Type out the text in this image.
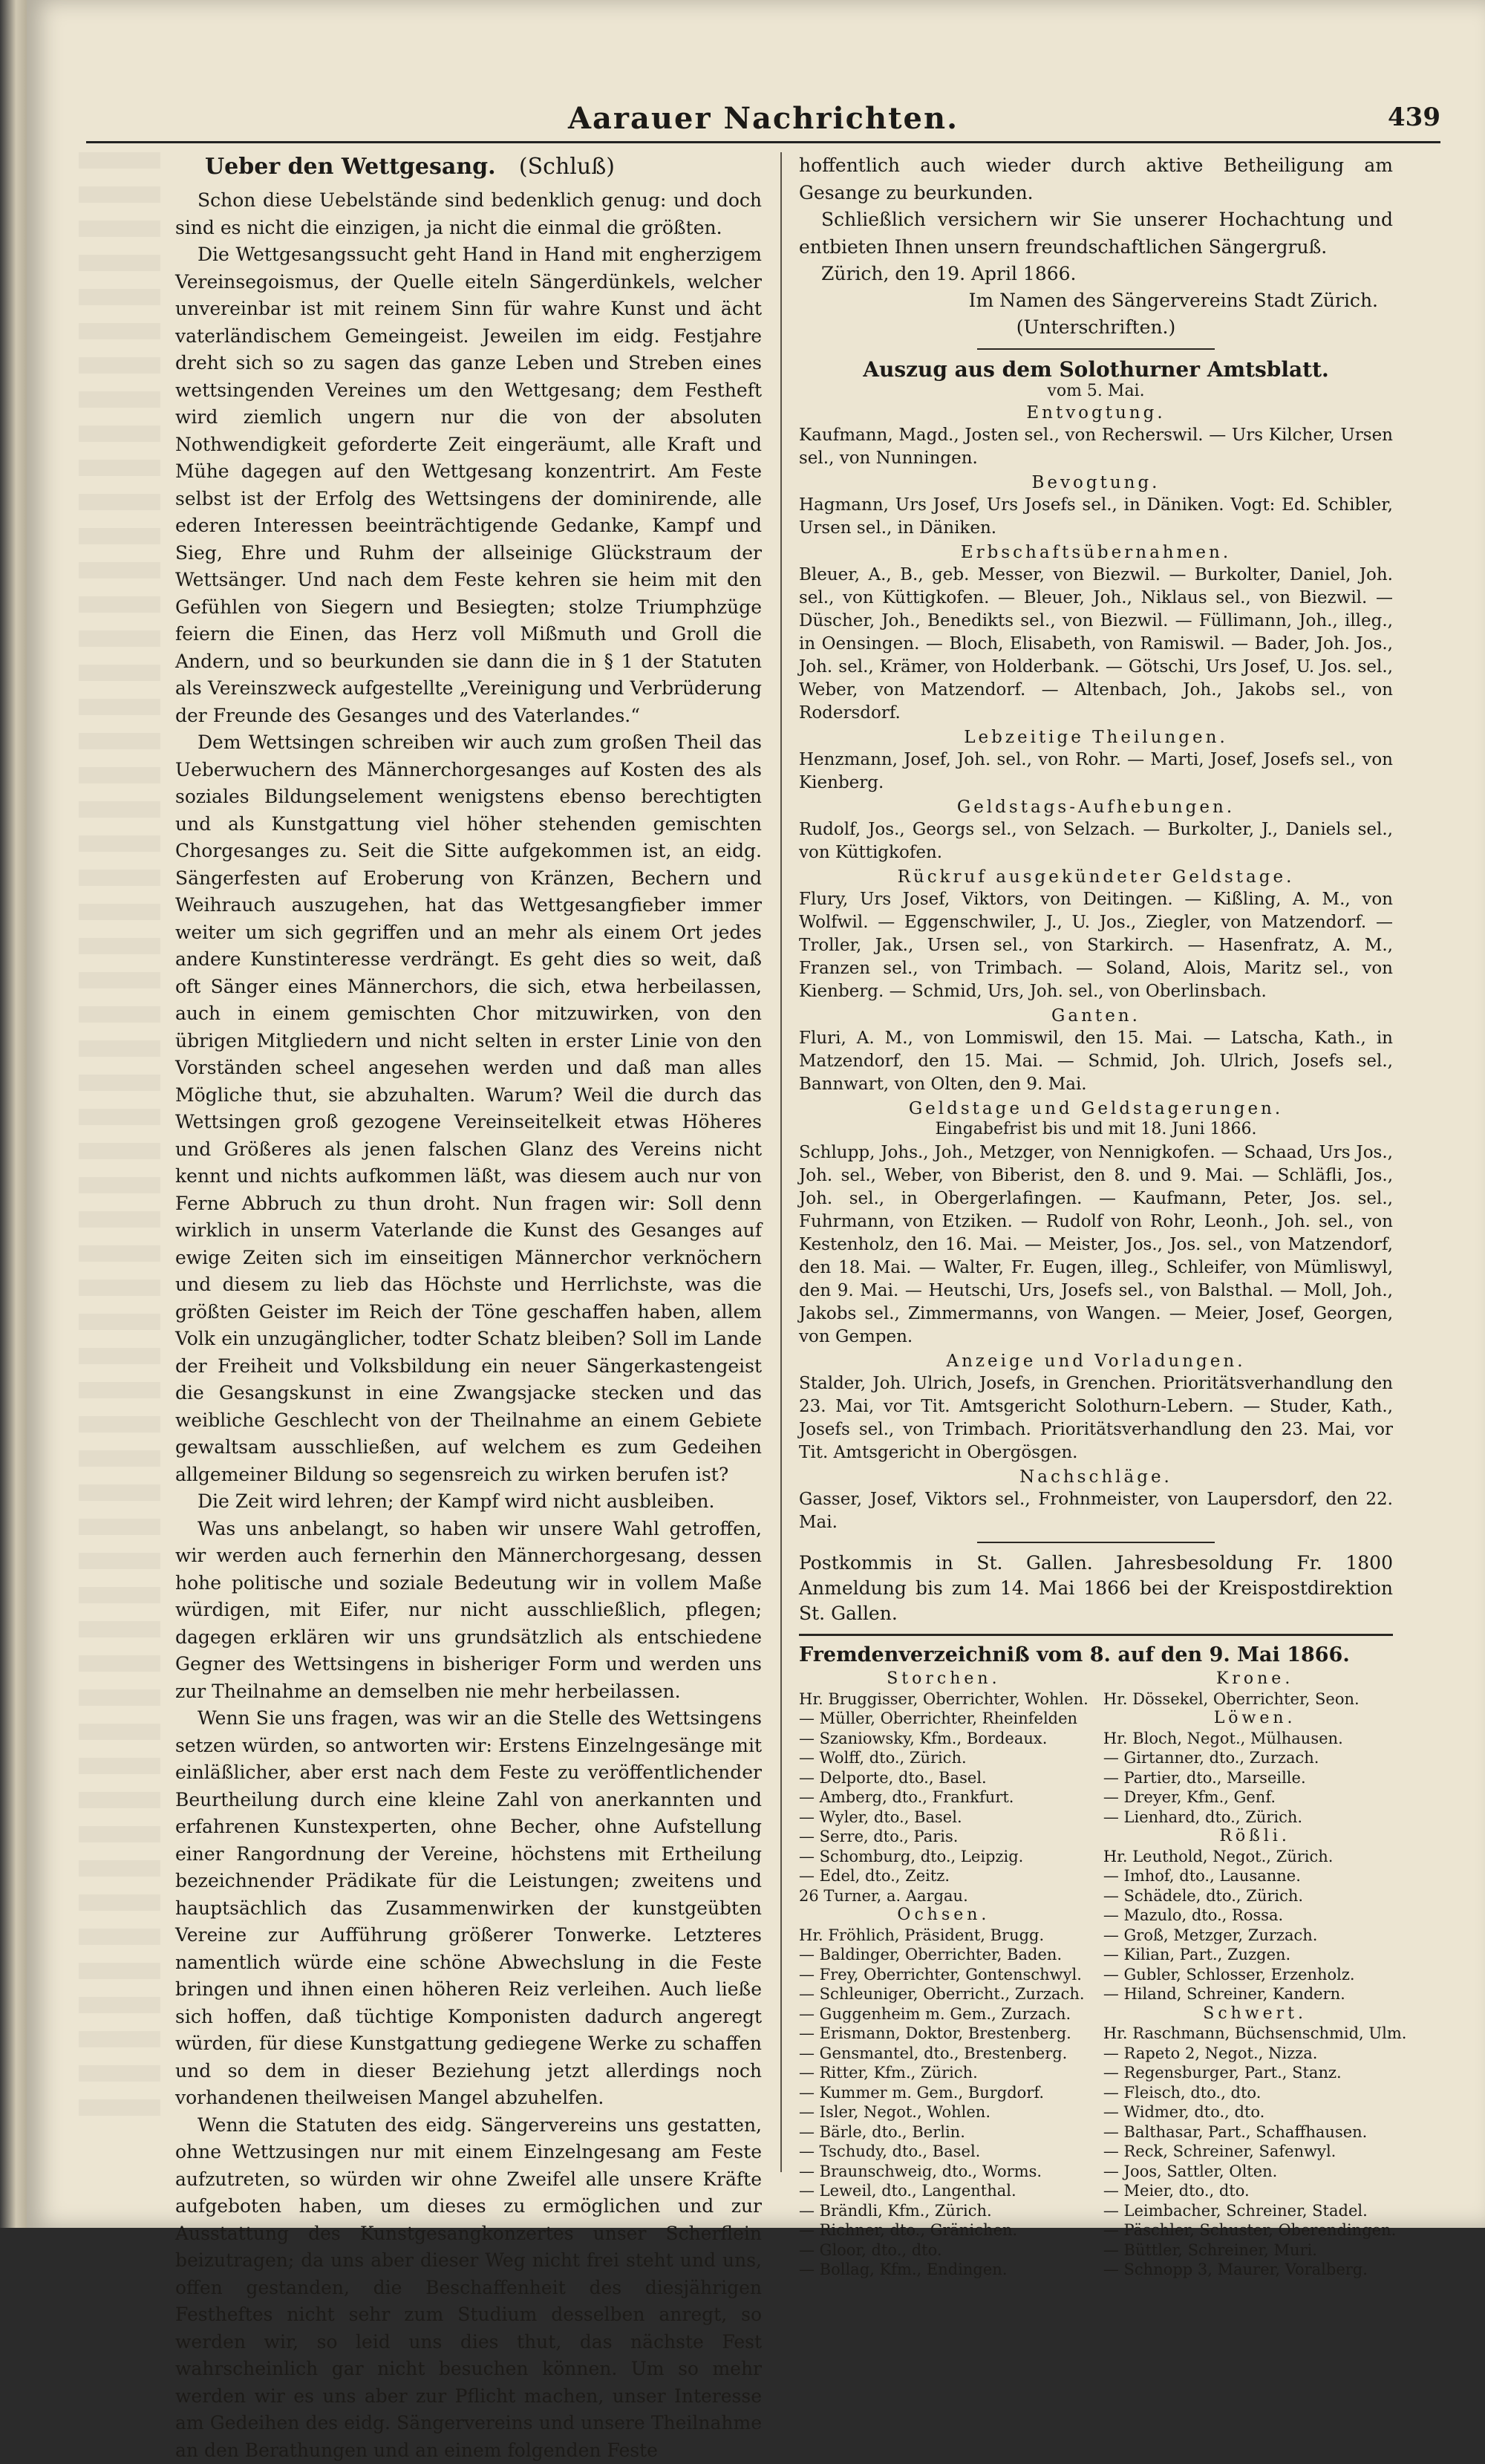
Aarauer Nachrichten.	439
Ueber den Wettgesang. (Schluß)

Schon diese Uebelstände sind bedenklich genug: und doch sind es nicht die einzigen, ja nicht die einmal die größten.

Die Wettgesangssucht geht Hand in Hand mit engherzigem Vereinsegoismus, der Quelle eiteln Sängerdünkels, welcher unvereinbar ist mit reinem Sinn für wahre Kunst und ächt vaterländischem Gemeingeist. Jeweilen im eidg. Festjahre dreht sich so zu sagen das ganze Leben und Streben eines wettsingenden Vereines um den Wettgesang; dem Festheft wird ziemlich ungern nur die von der absoluten Nothwendigkeit geforderte Zeit eingeräumt, alle Kraft und Mühe dagegen auf den Wettgesang konzentrirt. Am Feste selbst ist der Erfolg des Wettsingens der dominirende, alle ederen Interessen beeinträchtigende Gedanke, Kampf und Sieg, Ehre und Ruhm der allseinige Glückstraum der Wettsänger. Und nach dem Feste kehren sie heim mit den Gefühlen von Siegern und Besiegten; stolze Triumphzüge feiern die Einen, das Herz voll Mißmuth und Groll die Andern, und so beurkunden sie dann die in § 1 der Statuten als Vereinszweck aufgestellte „Vereinigung und Verbrüderung der Freunde des Gesanges und des Vaterlandes.“

Dem Wettsingen schreiben wir auch zum großen Theil das Ueberwuchern des Männerchorgesanges auf Kosten des als soziales Bildungselement wenigstens ebenso berechtigten und als Kunstgattung viel höher stehenden gemischten Chorgesanges zu. Seit die Sitte aufgekommen ist, an eidg. Sängerfesten auf Eroberung von Kränzen, Bechern und Weihrauch auszugehen, hat das Wettgesangfieber immer weiter um sich gegriffen und an mehr als einem Ort jedes andere Kunstinteresse verdrängt. Es geht dies so weit, daß oft Sänger eines Männerchors, die sich, etwa herbeilassen, auch in einem gemischten Chor mitzuwirken, von den übrigen Mitgliedern und nicht selten in erster Linie von den Vorständen scheel angesehen werden und daß man alles Mögliche thut, sie abzuhalten. Warum? Weil die durch das Wettsingen groß gezogene Vereinseitelkeit etwas Höheres und Größeres als jenen falschen Glanz des Vereins nicht kennt und nichts aufkommen läßt, was diesem auch nur von Ferne Abbruch zu thun droht. Nun fragen wir: Soll denn wirklich in unserm Vaterlande die Kunst des Gesanges auf ewige Zeiten sich im einseitigen Männerchor verknöchern und diesem zu lieb das Höchste und Herrlichste, was die größten Geister im Reich der Töne geschaffen haben, allem Volk ein unzugänglicher, todter Schatz bleiben? Soll im Lande der Freiheit und Volksbildung ein neuer Sängerkastengeist die Gesangskunst in eine Zwangsjacke stecken und das weibliche Geschlecht von der Theilnahme an einem Gebiete gewaltsam ausschließen, auf welchem es zum Gedeihen allgemeiner Bildung so segensreich zu wirken berufen ist?

Die Zeit wird lehren; der Kampf wird nicht ausbleiben.

Was uns anbelangt, so haben wir unsere Wahl getroffen, wir werden auch fernerhin den Männerchorgesang, dessen hohe politische und soziale Bedeutung wir in vollem Maße würdigen, mit Eifer, nur nicht ausschließlich, pflegen; dagegen erklären wir uns grundsätzlich als entschiedene Gegner des Wettsingens in bisheriger Form und werden uns zur Theilnahme an demselben nie mehr herbeilassen.

Wenn Sie uns fragen, was wir an die Stelle des Wettsingens setzen würden, so antworten wir: Erstens Einzelngesänge mit einläßlicher, aber erst nach dem Feste zu veröffentlichender Beurtheilung durch eine kleine Zahl von anerkannten und erfahrenen Kunstexperten, ohne Becher, ohne Aufstellung einer Rangordnung der Vereine, höchstens mit Ertheilung bezeichnender Prädikate für die Leistungen; zweitens und hauptsächlich das Zusammenwirken der kunstgeübten Vereine zur Aufführung größerer Tonwerke. Letzteres namentlich würde eine schöne Abwechslung in die Feste bringen und ihnen einen höheren Reiz verleihen. Auch ließe sich hoffen, daß tüchtige Komponisten dadurch angeregt würden, für diese Kunstgattung gediegene Werke zu schaffen und so dem in dieser Beziehung jetzt allerdings noch vorhandenen theilweisen Mangel abzuhelfen.

Wenn die Statuten des eidg. Sängervereins uns gestatten, ohne Wettzusingen nur mit einem Einzelngesang am Feste aufzutreten, so würden wir ohne Zweifel alle unsere Kräfte aufgeboten haben, um dieses zu ermöglichen und zur Ausstattung des Kunstgesangkonzertes unser Scherflein beizutragen; da uns aber dieser Weg nicht frei steht und uns, offen gestanden, die Beschaffenheit des diesjährigen Festheftes nicht sehr zum Studium desselben anregt, so werden wir, so leid uns dies thut, das nächste Fest wahrscheinlich gar nicht besuchen können. Um so mehr werden wir es uns aber zur Pflicht machen, unser Interesse am Gedeihen des eidg. Sängervereins und unsere Theilnahme an den Berathungen und an einem folgenden Feste

hoffentlich auch wieder durch aktive Betheiligung am Gesange zu beurkunden.

Schließlich versichern wir Sie unserer Hochachtung und entbieten Ihnen unsern freundschaftlichen Sängergruß.

Zürich, den 19. April 1866.
Im Namen des Sängervereins Stadt Zürich.
(Unterschriften.)
Auszug aus dem Solothurner Amtsblatt.
vom 5. Mai.
Entvogtung.

Kaufmann, Magd., Josten sel., von Recherswil. — Urs Kilcher, Ursen sel., von Nunningen.

Bevogtung.

Hagmann, Urs Josef, Urs Josefs sel., in Däniken. Vogt: Ed. Schibler, Ursen sel., in Däniken.

Erbschaftsübernahmen.

Bleuer, A., B., geb. Messer, von Biezwil. — Burkolter, Daniel, Joh. sel., von Küttigkofen. — Bleuer, Joh., Niklaus sel., von Biezwil. — Düscher, Joh., Benedikts sel., von Biezwil. — Füllimann, Joh., illeg., in Oensingen. — Bloch, Elisabeth, von Ramiswil. — Bader, Joh. Jos., Joh. sel., Krämer, von Holderbank. — Götschi, Urs Josef, U. Jos. sel., Weber, von Matzendorf. — Altenbach, Joh., Jakobs sel., von Rodersdorf.

Lebzeitige Theilungen.

Henzmann, Josef, Joh. sel., von Rohr. — Marti, Josef, Josefs sel., von Kienberg.

Geldstags-Aufhebungen.

Rudolf, Jos., Georgs sel., von Selzach. — Burkolter, J., Daniels sel., von Küttigkofen.

Rückruf ausgekündeter Geldstage.

Flury, Urs Josef, Viktors, von Deitingen. — Kißling, A. M., von Wolfwil. — Eggenschwiler, J., U. Jos., Ziegler, von Matzendorf. — Troller, Jak., Ursen sel., von Starkirch. — Hasenfratz, A. M., Franzen sel., von Trimbach. — Soland, Alois, Maritz sel., von Kienberg. — Schmid, Urs, Joh. sel., von Oberlinsbach.

Ganten.

Fluri, A. M., von Lommiswil, den 15. Mai. — Latscha, Kath., in Matzendorf, den 15. Mai. — Schmid, Joh. Ulrich, Josefs sel., Bannwart, von Olten, den 9. Mai.

Geldstage und Geldstagerungen.
Eingabefrist bis und mit 18. Juni 1866.

Schlupp, Johs., Joh., Metzger, von Nennigkofen. — Schaad, Urs Jos., Joh. sel., Weber, von Biberist, den 8. und 9. Mai. — Schläfli, Jos., Joh. sel., in Obergerlafingen. — Kaufmann, Peter, Jos. sel., Fuhrmann, von Etziken. — Rudolf von Rohr, Leonh., Joh. sel., von Kestenholz, den 16. Mai. — Meister, Jos., Jos. sel., von Matzendorf, den 18. Mai. — Walter, Fr. Eugen, illeg., Schleifer, von Mümliswyl, den 9. Mai. — Heutschi, Urs, Josefs sel., von Balsthal. — Moll, Joh., Jakobs sel., Zimmermanns, von Wangen. — Meier, Josef, Georgen, von Gempen.

Anzeige und Vorladungen.

Stalder, Joh. Ulrich, Josefs, in Grenchen. Prioritätsverhandlung den 23. Mai, vor Tit. Amtsgericht Solothurn-Lebern. — Studer, Kath., Josefs sel., von Trimbach. Prioritätsverhandlung den 23. Mai, vor Tit. Amtsgericht in Obergösgen.

Nachschläge.

Gasser, Josef, Viktors sel., Frohnmeister, von Laupersdorf, den 22. Mai.

Postkommis in St. Gallen. Jahresbesoldung Fr. 1800 Anmeldung bis zum 14. Mai 1866 bei der Kreispostdirektion St. Gallen.

Fremdenverzeichniß vom 8. auf den 9. Mai 1866.
Storchen.
Hr. Bruggisser, Oberrichter, Wohlen.
— Müller, Oberrichter, Rheinfelden
— Szaniowsky, Kfm., Bordeaux.
— Wolff, dto., Zürich.
— Delporte, dto., Basel.
— Amberg, dto., Frankfurt.
— Wyler, dto., Basel.
— Serre, dto., Paris.
— Schomburg, dto., Leipzig.
— Edel, dto., Zeitz.
26 Turner, a. Aargau.
Ochsen.
Hr. Fröhlich, Präsident, Brugg.
— Baldinger, Oberrichter, Baden.
— Frey, Oberrichter, Gontenschwyl.
— Schleuniger, Oberricht., Zurzach.
— Guggenheim m. Gem., Zurzach.
— Erismann, Doktor, Brestenberg.
— Gensmantel, dto., Brestenberg.
— Ritter, Kfm., Zürich.
— Kummer m. Gem., Burgdorf.
— Isler, Negot., Wohlen.
— Bärle, dto., Berlin.
— Tschudy, dto., Basel.
— Braunschweig, dto., Worms.
— Leweil, dto., Langenthal.
— Brändli, Kfm., Zürich.
— Richner, dto., Gränichen.
— Gloor, dto., dto.
— Bollag, Kfm., Endingen.
Krone.
Hr. Dössekel, Oberrichter, Seon.
Löwen.
Hr. Bloch, Negot., Mülhausen.
— Girtanner, dto., Zurzach.
— Partier, dto., Marseille.
— Dreyer, Kfm., Genf.
— Lienhard, dto., Zürich.
Rößli.
Hr. Leuthold, Negot., Zürich.
— Imhof, dto., Lausanne.
— Schädele, dto., Zürich.
— Mazulo, dto., Rossa.
— Groß, Metzger, Zurzach.
— Kilian, Part., Zuzgen.
— Gubler, Schlosser, Erzenholz.
— Hiland, Schreiner, Kandern.
Schwert.
Hr. Raschmann, Büchsenschmid, Ulm.
— Rapeto 2, Negot., Nizza.
— Regensburger, Part., Stanz.
— Fleisch, dto., dto.
— Widmer, dto., dto.
— Balthasar, Part., Schaffhausen.
— Reck, Schreiner, Safenwyl.
— Joos, Sattler, Olten.
— Meier, dto., dto.
— Leimbacher, Schreiner, Stadel.
— Päschler, Schuster, Oberendingen.
— Büttler, Schreiner, Muri.
— Schnopp 3, Maurer, Voralberg.
